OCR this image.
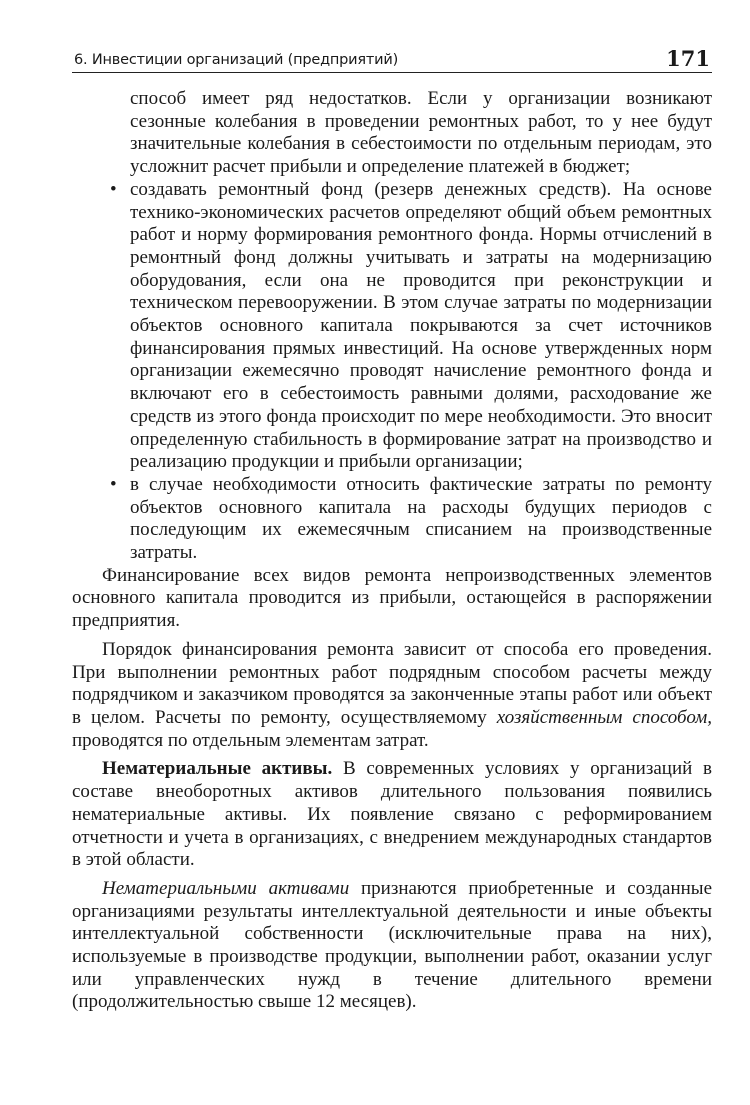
6. Инвестиции организаций (предприятий)	171

способ имеет ряд недостатков. Если у организации возникают сезонные колебания в проведении ремонтных работ, то у нее будут значительные колебания в себестоимости по отдельным периодам, это усложнит расчет прибыли и определение платежей в бюджет;

• создавать ремонтный фонд (резерв денежных средств). На основе технико-экономических расчетов определяют общий объем ремонтных работ и норму формирования ремонтного фонда. Нормы отчислений в ремонтный фонд должны учитывать и затраты на модернизацию оборудования, если она не проводится при реконструкции и техническом перевооружении. В этом случае затраты по модернизации объектов основного капитала покрываются за счет источников финансирования прямых инвестиций. На основе утвержденных норм организации ежемесячно проводят начисление ремонтного фонда и включают его в себестоимость равными долями, расходование же средств из этого фонда происходит по мере необходимости. Это вносит определенную стабильность в формирование затрат на производство и реализацию продукции и прибыли организации;
• в случае необходимости относить фактические затраты по ремонту объектов основного капитала на расходы будущих периодов с последующим их ежемесячным списанием на производственные затраты.

Финансирование всех видов ремонта непроизводственных элементов основного капитала проводится из прибыли, остающейся в распоряжении предприятия.

Порядок финансирования ремонта зависит от способа его проведения. При выполнении ремонтных работ подрядным способом расчеты между подрядчиком и заказчиком проводятся за законченные этапы работ или объект в целом. Расчеты по ремонту, осуществляемому хозяйственным способом, проводятся по отдельным элементам затрат.

Нематериальные активы. В современных условиях у организаций в составе внеоборотных активов длительного пользования появились нематериальные активы. Их появление связано с реформированием отчетности и учета в организациях, с внедрением международных стандартов в этой области.

Нематериальными активами признаются приобретенные и созданные организациями результаты интеллектуальной деятельности и иные объекты интеллектуальной собственности (исключительные права на них), используемые в производстве продукции, выполнении работ, оказании услуг или управленческих нужд в течение длительного времени (продолжительностью свыше 12 месяцев).
